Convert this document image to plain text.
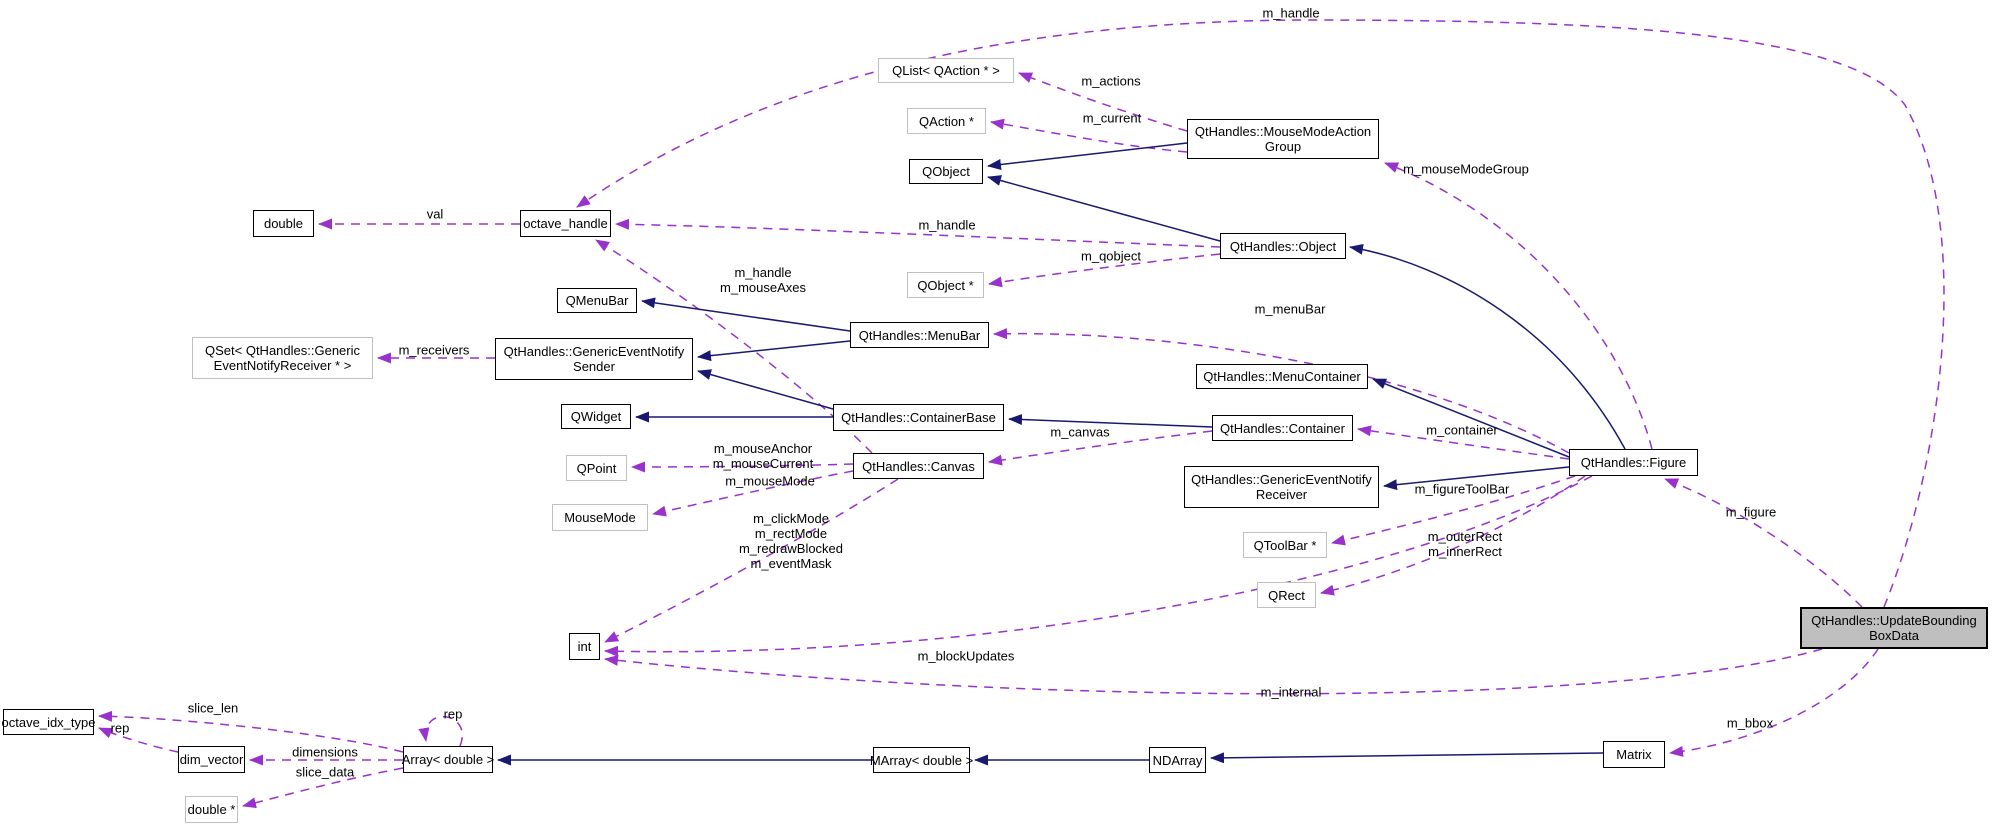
val
m_actions
m_current
m_mouseModeGroup
m_handle
m_qobject
m_handle
m_mouseAxes
m_menuBar
m_receivers
m_canvas	m_container
m_mouseAnchor
m_mouseCurrent
m_mouseMode
m_figureToolBar
m_outerRect
m_innerRect
m_clickMode
m_rectMode
m_redrawBlocked
m_eventMask
m_blockUpdates
m_internal
m_figure
m_handle
m_bbox
slice_len
rep
dimensions
slice_data
rep
double	octave_handle
QList< QAction * >
QAction *
QObject
QtHandles::MouseModeAction
Group
QtHandles::Object
QObject *
QMenuBar
QtHandles::MenuBar
QSet< QtHandles::Generic
EventNotifyReceiver * >
QtHandles::GenericEventNotify
Sender
QWidget	QtHandles::ContainerBase
QPoint	QtHandles::Canvas
MouseMode
QtHandles::MenuContainer
QtHandles::Container
QtHandles::GenericEventNotify
Receiver
QToolBar *
QRect
QtHandles::Figure
QtHandles::UpdateBounding
BoxData
int
octave_idx_type
dim_vector
double *
Array< double >	MArray< double >	NDArray	Matrix
